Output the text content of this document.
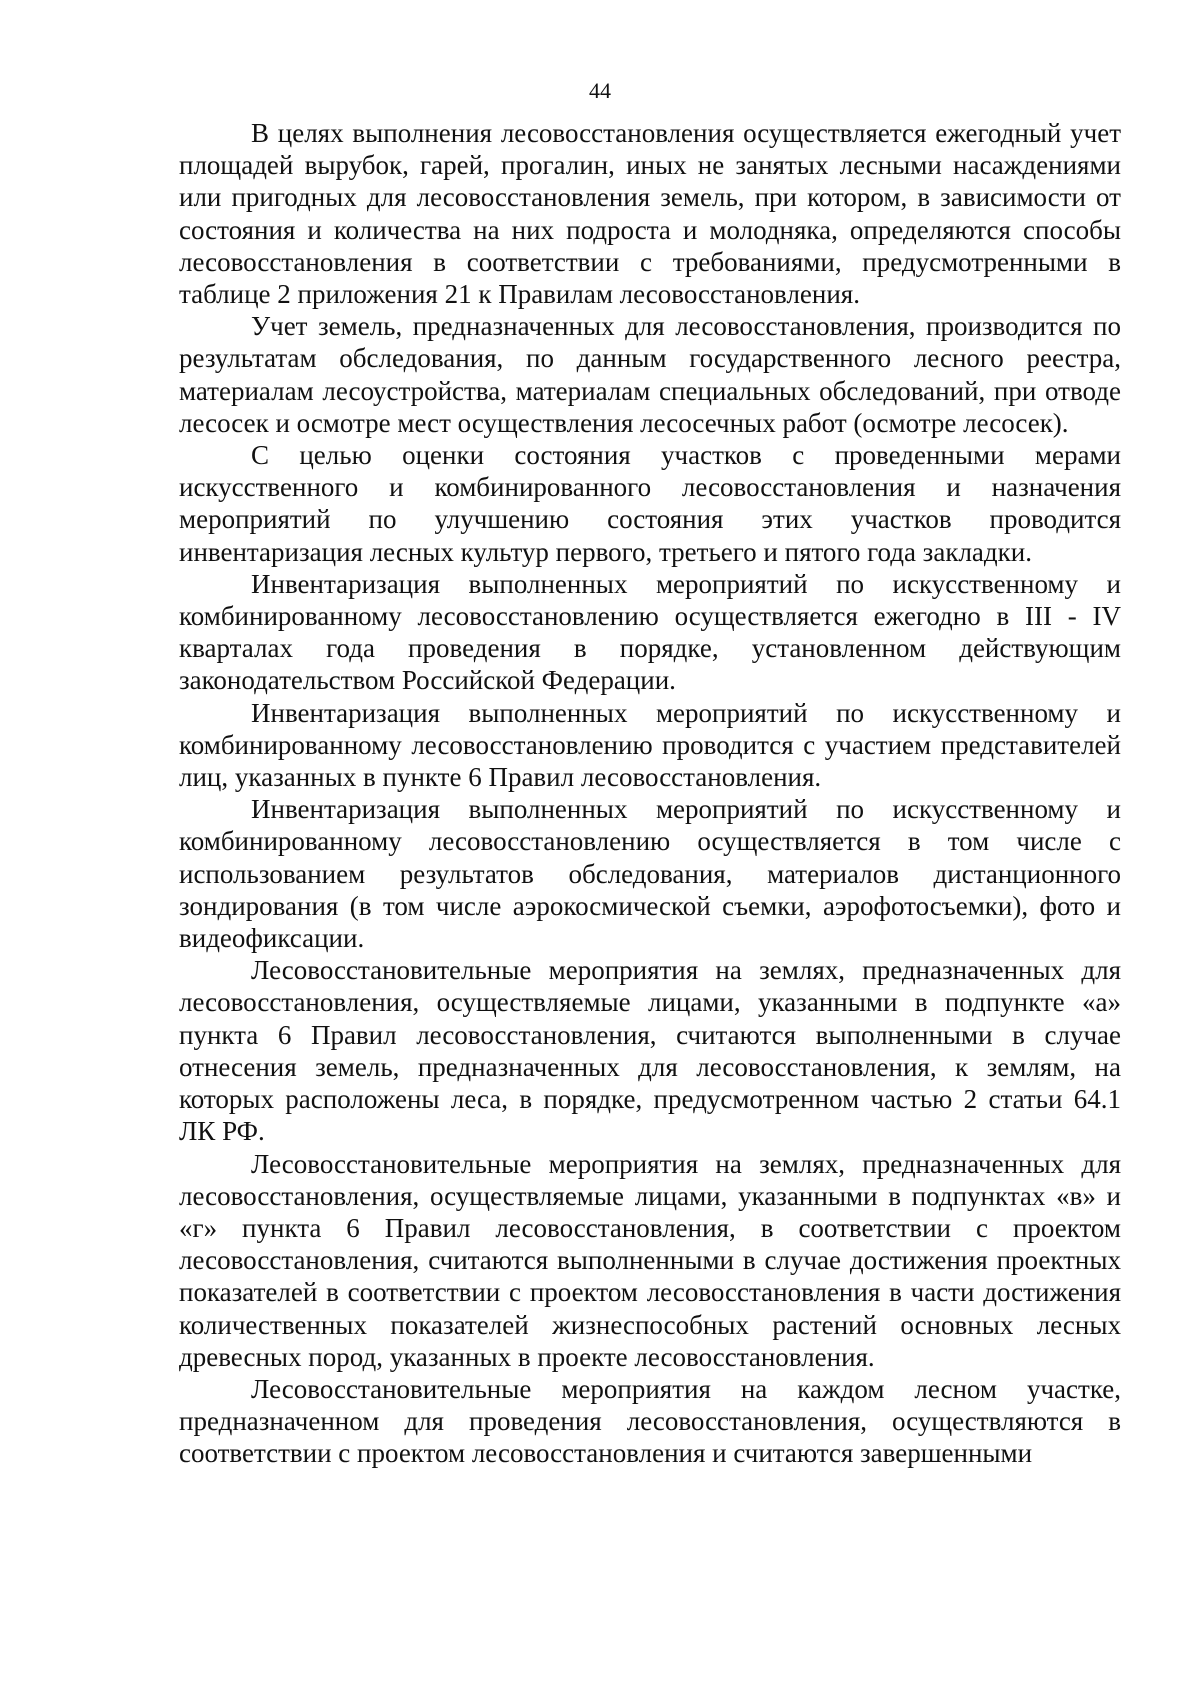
44

В целях выполнения лесовосстановления осуществляется ежегодный учет площадей вырубок, гарей, прогалин, иных не занятых лесными насаждениями или пригодных для лесовосстановления земель, при котором, в зависимости от состояния и количества на них подроста и молодняка, определяются способы лесовосстановления в соответствии с требованиями, предусмотренными в таблице 2 приложения 21 к Правилам лесовосстановления.

Учет земель, предназначенных для лесовосстановления, производится по результатам обследования, по данным государственного лесного реестра, материалам лесоустройства, материалам специальных обследований, при отводе лесосек и осмотре мест осуществления лесосечных работ (осмотре лесосек).

С целью оценки состояния участков с проведенными мерами искусственного и комбинированного лесовосстановления и назначения мероприятий по улучшению состояния этих участков проводится инвентаризация лесных культур первого, третьего и пятого года закладки.

Инвентаризация выполненных мероприятий по искусственному и комбинированному лесовосстановлению осуществляется ежегодно в III - IV кварталах года проведения в порядке, установленном действующим законодательством Российской Федерации.

Инвентаризация выполненных мероприятий по искусственному и комбинированному лесовосстановлению проводится с участием представителей лиц, указанных в пункте 6 Правил лесовосстановления.

Инвентаризация выполненных мероприятий по искусственному и комбинированному лесовосстановлению осуществляется в том числе с использованием результатов обследования, материалов дистанционного зондирования (в том числе аэрокосмической съемки, аэрофотосъемки), фото и видеофиксации.

Лесовосстановительные мероприятия на землях, предназначенных для лесовосстановления, осуществляемые лицами, указанными в подпункте «а» пункта 6 Правил лесовосстановления, считаются выполненными в случае отнесения земель, предназначенных для лесовосстановления, к землям, на которых расположены леса, в порядке, предусмотренном частью 2 статьи 64.1 ЛК РФ.

Лесовосстановительные мероприятия на землях, предназначенных для лесовосстановления, осуществляемые лицами, указанными в подпунктах «в» и «г» пункта 6 Правил лесовосстановления, в соответствии с проектом лесовосстановления, считаются выполненными в случае достижения проектных показателей в соответствии с проектом лесовосстановления в части достижения количественных показателей жизнеспособных растений основных лесных древесных пород, указанных в проекте лесовосстановления.

Лесовосстановительные мероприятия на каждом лесном участке, предназначенном для проведения лесовосстановления, осуществляются в соответствии с проектом лесовосстановления и считаются завершенными
